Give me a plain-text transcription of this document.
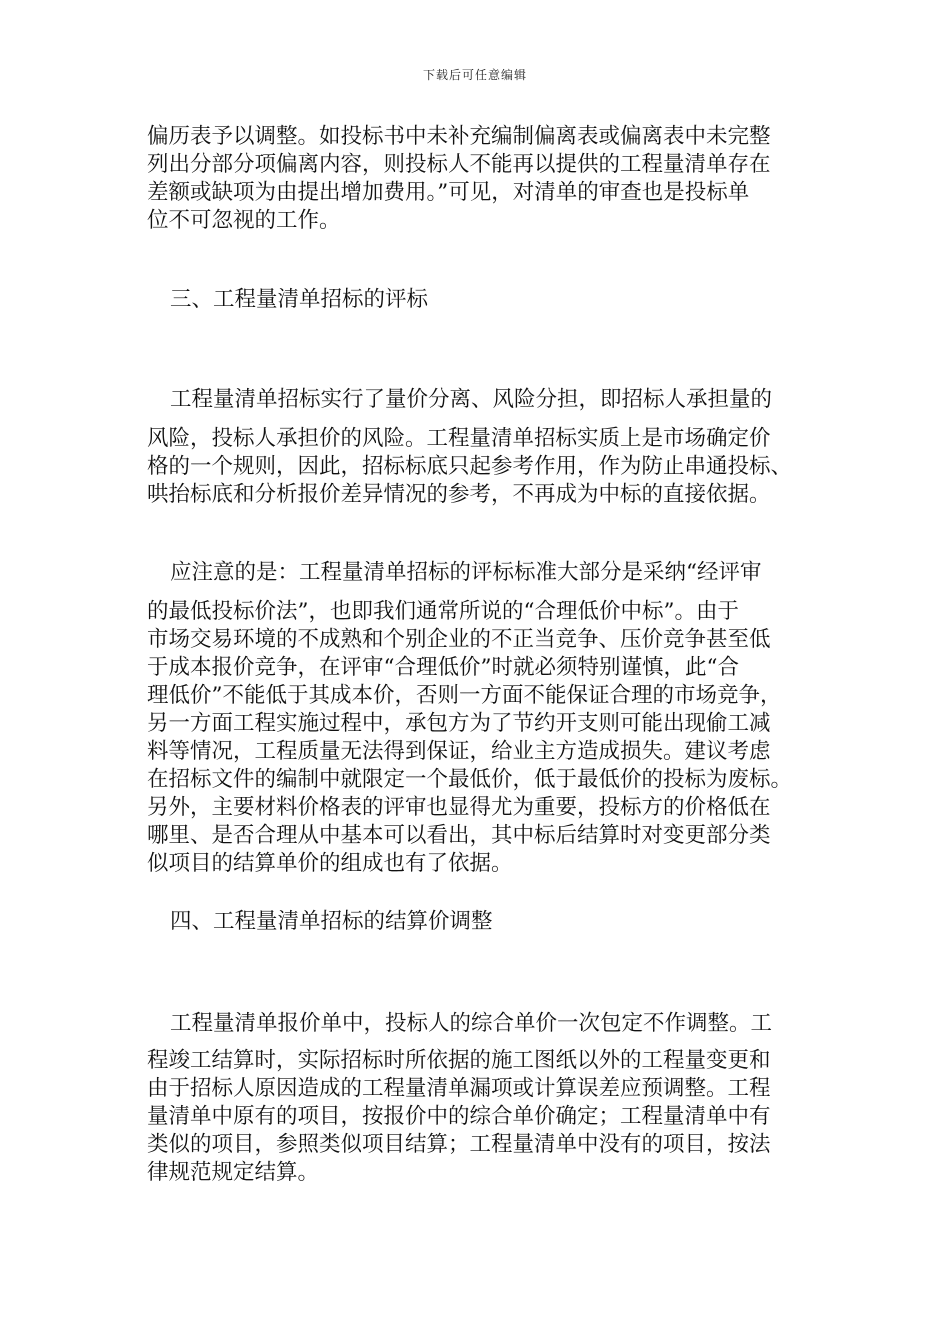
下载后可任意编辑
偏历表予以调整。如投标书中未补充编制偏离表或偏离表中未完整
列出分部分项偏离内容，则投标人不能再以提供的工程量清单存在
差额或缺项为由提出增加费用。”可见，对清单的审查也是投标单
位不可忽视的工作。
三、工程量清单招标的评标
工程量清单招标实行了量价分离、风险分担，即招标人承担量的
风险，投标人承担价的风险。工程量清单招标实质上是市场确定价
格的一个规则，因此，招标标底只起参考作用，作为防止串通投标、
哄抬标底和分析报价差异情况的参考，不再成为中标的直接依据。
应注意的是：工程量清单招标的评标标准大部分是采纳“经评审
的最低投标价法”，也即我们通常所说的“合理低价中标”。由于
市场交易环境的不成熟和个别企业的不正当竞争、压价竞争甚至低
于成本报价竞争，在评审“合理低价”时就必须特别谨慎，此“合
理低价”不能低于其成本价，否则一方面不能保证合理的市场竞争，
另一方面工程实施过程中，承包方为了节约开支则可能出现偷工减
料等情况，工程质量无法得到保证，给业主方造成损失。建议考虑
在招标文件的编制中就限定一个最低价，低于最低价的投标为废标。
另外，主要材料价格表的评审也显得尤为重要，投标方的价格低在
哪里、是否合理从中基本可以看出，其中标后结算时对变更部分类
似项目的结算单价的组成也有了依据。
四、工程量清单招标的结算价调整
工程量清单报价单中，投标人的综合单价一次包定不作调整。工
程竣工结算时，实际招标时所依据的施工图纸以外的工程量变更和
由于招标人原因造成的工程量清单漏项或计算误差应预调整。工程
量清单中原有的项目，按报价中的综合单价确定；工程量清单中有
类似的项目，参照类似项目结算；工程量清单中没有的项目，按法
律规范规定结算。
